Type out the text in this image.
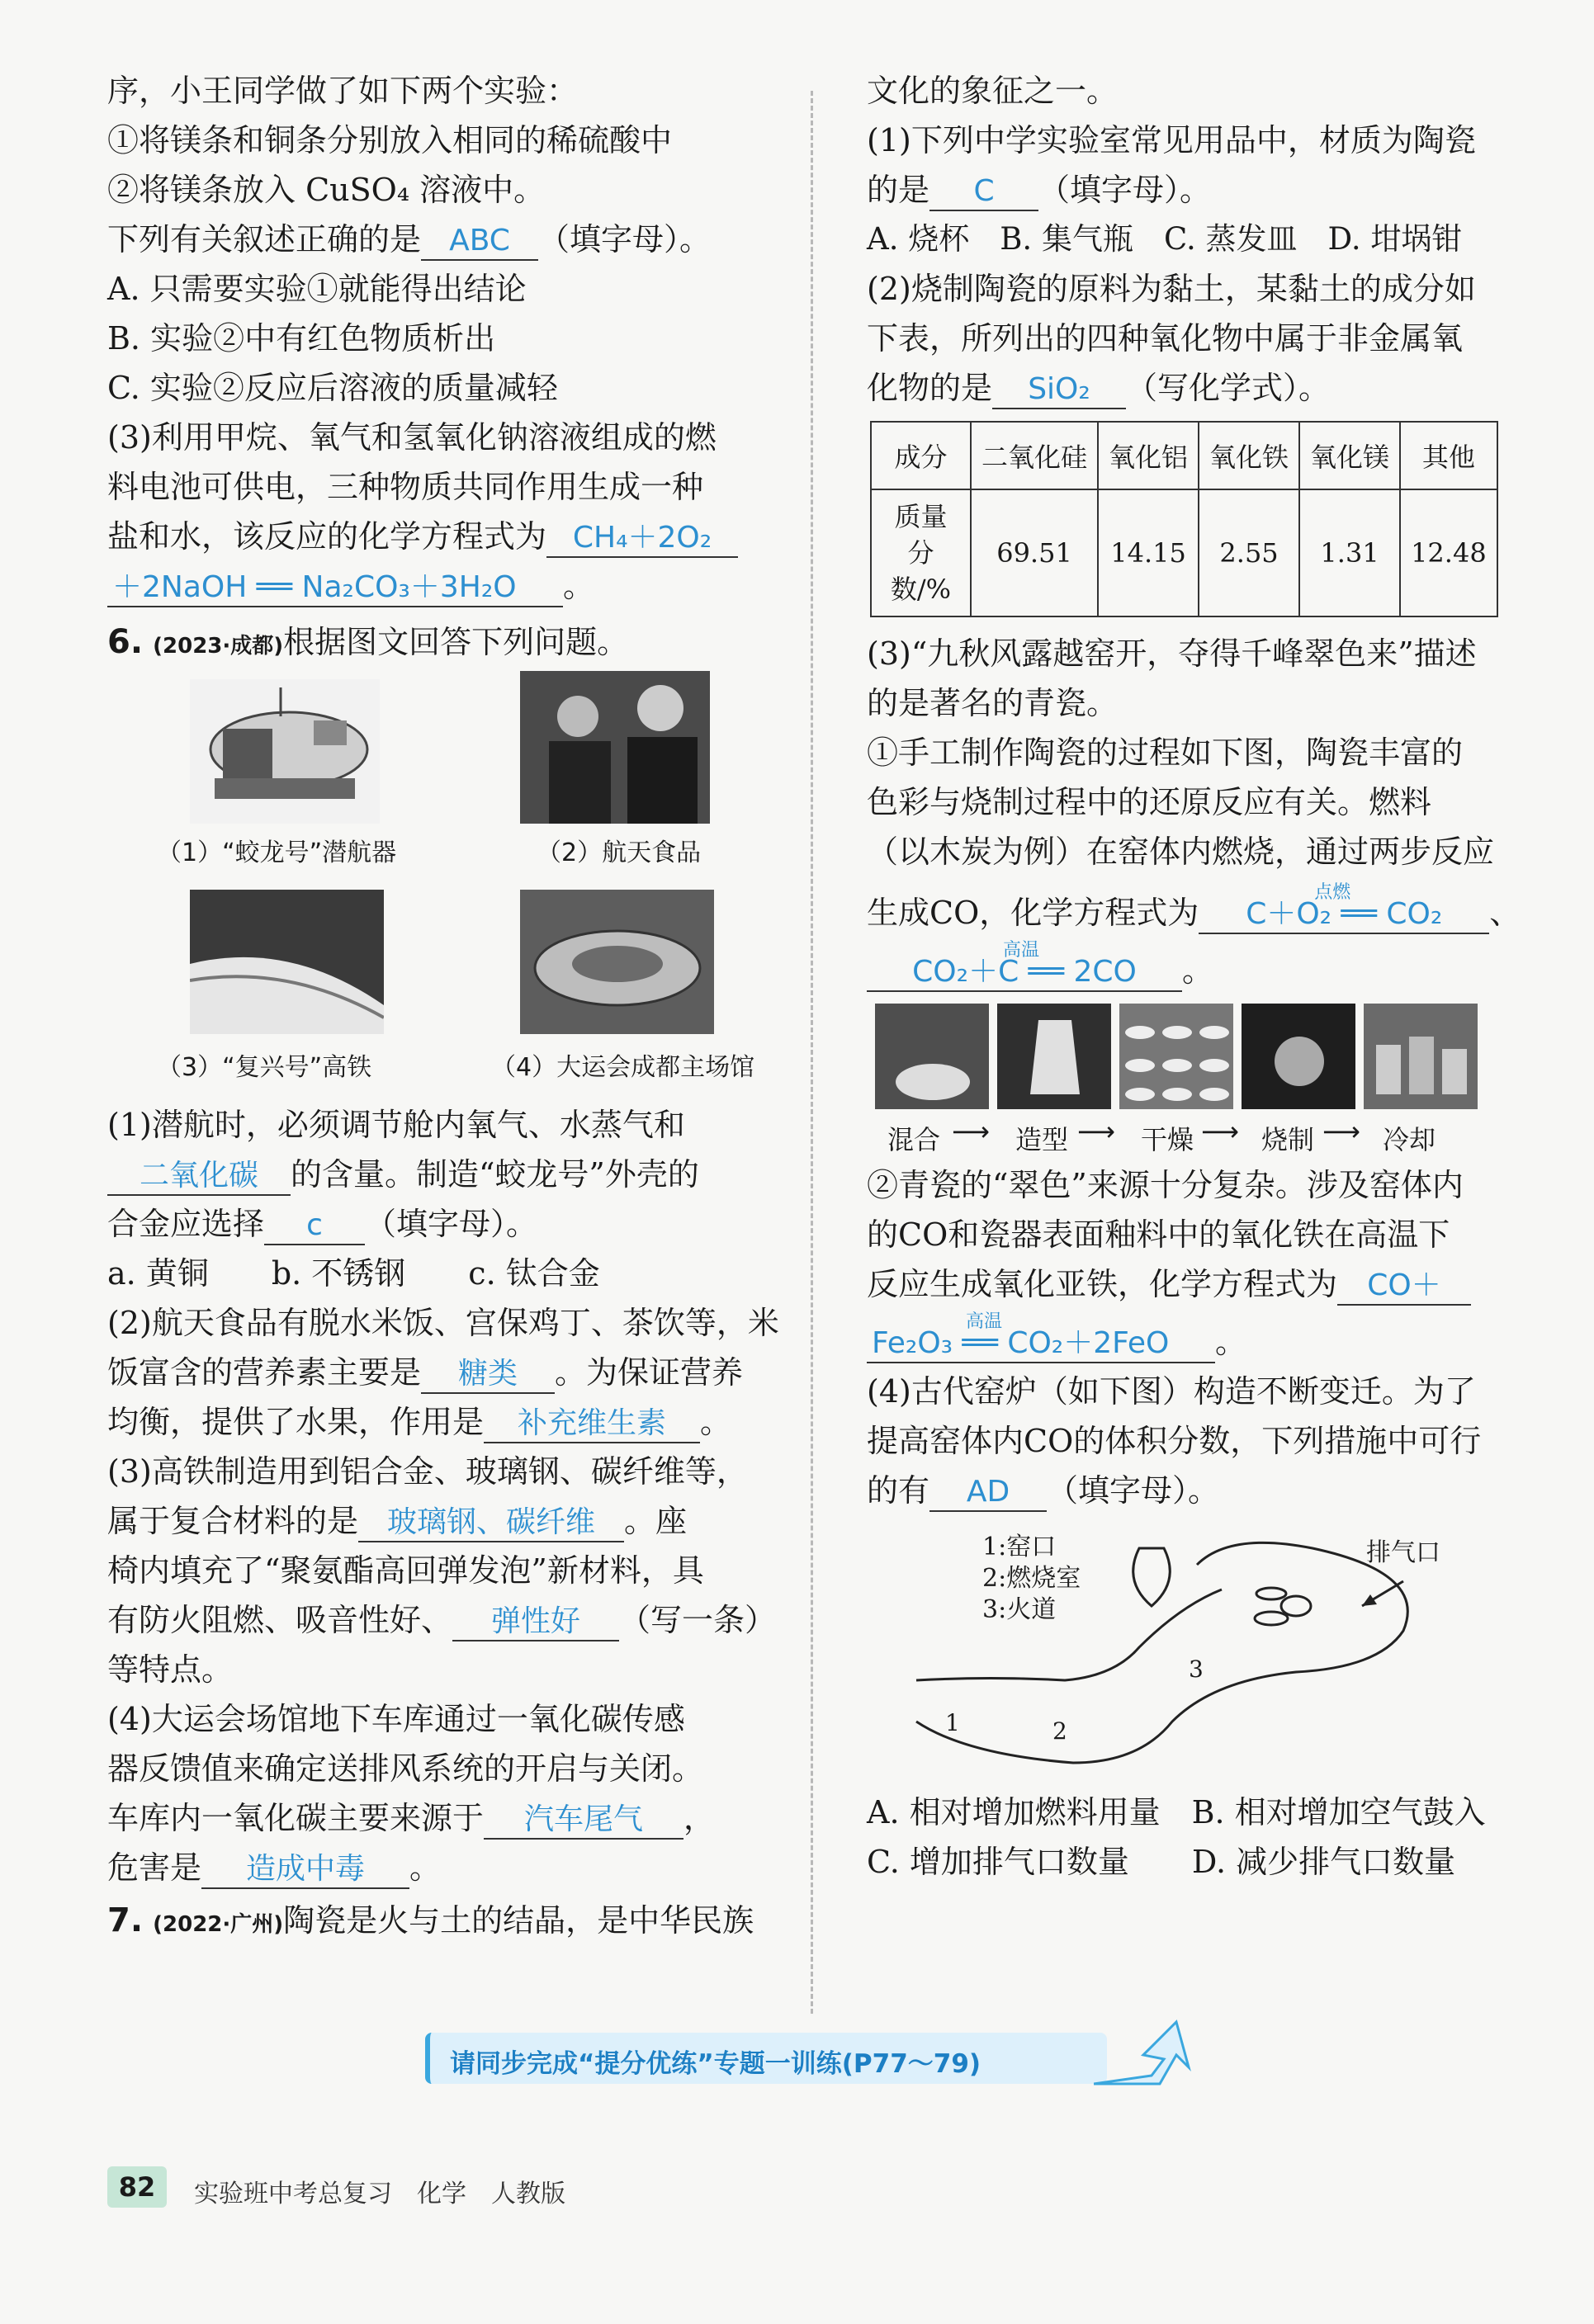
序，小王同学做了如下两个实验：
①将镁条和铜条分别放入相同的稀硫酸中
②将镁条放入 CuSO₄ 溶液中。
下列有关叙述正确的是 ABC （填字母）。
A. 只需要实验①就能得出结论
B. 实验②中有红色物质析出
C. 实验②反应后溶液的质量减轻
(3)利用甲烷、氧气和氢氧化钠溶液组成的燃
料电池可供电，三种物质共同作用生成一种
盐和水，该反应的化学方程式为 CH₄＋2O₂
＋2NaOH ══ Na₂CO₃＋3H₂O 。
6. (2023·成都)根据图文回答下列问题。
（1）“蛟龙号”潜航器	（2）航天食品
（3）“复兴号”高铁	（4）大运会成都主场馆
(1)潜航时，必须调节舱内氧气、水蒸气和
二氧化碳 的含量。制造“蛟龙号”外壳的
合金应选择 c （填字母）。
a. 黄铜　　b. 不锈钢　　c. 钛合金
(2)航天食品有脱水米饭、宫保鸡丁、茶饮等，米
饭富含的营养素主要是 糖类 。为保证营养
均衡，提供了水果，作用是 补充维生素 。
(3)高铁制造用到铝合金、玻璃钢、碳纤维等，
属于复合材料的是 玻璃钢、碳纤维 。座
椅内填充了“聚氨酯高回弹发泡”新材料，具
有防火阻燃、吸音性好、 弹性好 （写一条）
等特点。
(4)大运会场馆地下车库通过一氧化碳传感
器反馈值来确定送排风系统的开启与关闭。
车库内一氧化碳主要来源于 汽车尾气 ，
危害是 造成中毒 。
7. (2022·广州)陶瓷是火与土的结晶，是中华民族
文化的象征之一。
(1)下列中学实验室常见用品中，材质为陶瓷
的是 C （填字母）。
A. 烧杯　B. 集气瓶　C. 蒸发皿　D. 坩埚钳
(2)烧制陶瓷的原料为黏土，某黏土的成分如
下表，所列出的四种氧化物中属于非金属氧
化物的是 SiO₂ （写化学式）。
成分	二氧化硅	氧化铝	氧化铁	氧化镁	其他
质量分数/%	69.51	14.15	2.55	1.31	12.48
(3)“九秋风露越窑开，夺得千峰翠色来”描述
的是著名的青瓷。
①手工制作陶瓷的过程如下图，陶瓷丰富的
色彩与烧制过程中的还原反应有关。燃料
（以木炭为例）在窑体内燃烧，通过两步反应
生成CO，化学方程式为
点燃
C＋O₂ ══ CO₂ 、
高温
CO₂＋C ══ 2CO 。
混合 ⟶ 造型 ⟶ 干燥 ⟶ 烧制 ⟶ 冷却
②青瓷的“翠色”来源十分复杂。涉及窑体内
的CO和瓷器表面釉料中的氧化铁在高温下
反应生成氧化亚铁，化学方程式为 CO＋
高温
Fe₂O₃ ══ CO₂＋2FeO 。
(4)古代窑炉（如下图）构造不断变迁。为了
提高窑体内CO的体积分数，下列措施中可行
的有 AD （填字母）。
1:窑口
2:燃烧室
3:火道
排气口
1	2
3
A. 相对增加燃料用量　B. 相对增加空气鼓入
C. 增加排气口数量　　D. 减少排气口数量
请同步完成“提分优练”专题一训练(P77～79)
82	实验班中考总复习　化学　人教版
